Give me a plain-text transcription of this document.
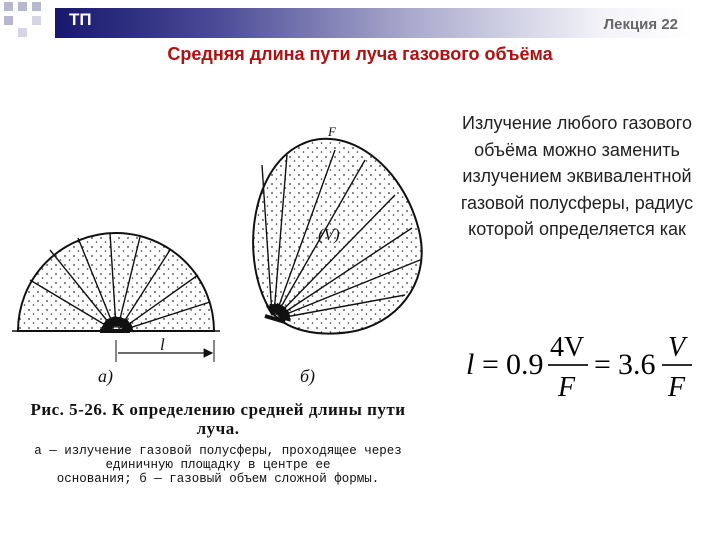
ТП	Лекция 22
Средняя длина пути луча газового объёма
l
а)
(V)
F
б)
Рис. 5-26. К определению средней длины пути луча.
а — излучение газовой полусферы, проходящее через единичную площадку в центре ее
основания; б — газовый объем сложной формы.
Излучение любого газового объёма можно заменить излучением эквивалентной газовой полусферы, радиус которой определяется как
l = 0.9
4V
F
= 3.6
V
F
